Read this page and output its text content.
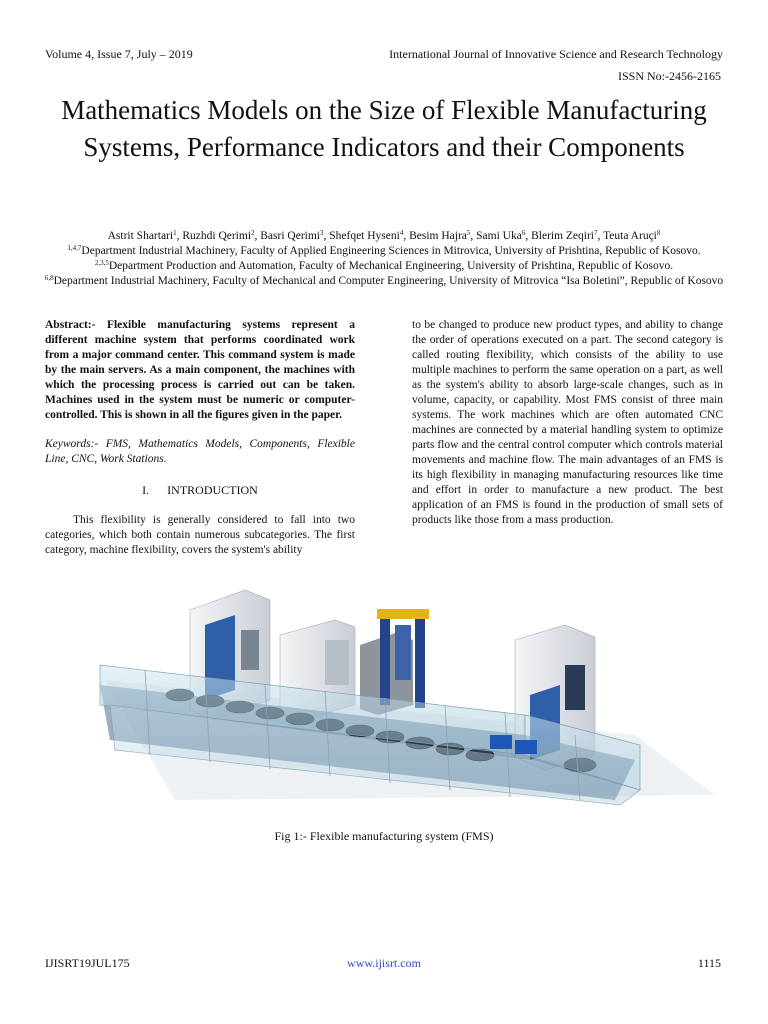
Volume 4, Issue 7, July – 2019	International Journal of Innovative Science and Research Technology
ISSN No:-2456-2165
Mathematics Models on the Size of Flexible Manufacturing Systems, Performance Indicators and their Components
Astrit Shartari$^1$, Ruzhdi Qerimi$^2$, Basri Qerimi$^3$, Shefqet Hyseni$^4$, Besim Hajra$^5$, Sami Uka$^6$, Blerim Zeqiri$^7$, Teuta Aruçi$^8$
$^{1,4,7}$Department Industrial Machinery, Faculty of Applied Engineering Sciences in Mitrovica, University of Prishtina, Republic of Kosovo.
$^{2,3,5}$Department Production and Automation, Faculty of Mechanical Engineering, University of Prishtina, Republic of Kosovo.
$^{6,8}$Department Industrial Machinery, Faculty of Mechanical and Computer Engineering, University of Mitrovica “Isa Boletini”, Republic of Kosovo

Abstract:- Flexible manufacturing systems represent a different machine system that performs coordinated work from a major command center. This command system is made by the main servers. As a main component, the machines with which the processing process is carried out can be taken. Machines used in the system must be numeric or computer-controlled. This is shown in all the figures given in the paper.

Keywords:- FMS, Mathematics Models, Components, Flexible Line, CNC, Work Stations.

I.      INTRODUCTION

This flexibility is generally considered to fall into two categories, which both contain numerous subcategories. The first category, machine flexibility, covers the system's ability

to be changed to produce new product types, and ability to change the order of operations executed on a part. The second category is called routing flexibility, which consists of the ability to use multiple machines to perform the same operation on a part, as well as the system's ability to absorb large-scale changes, such as in volume, capacity, or capability. Most FMS consist of three main systems. The work machines which are often automated CNC machines are connected by a material handling system to optimize parts flow and the central control computer which controls material movements and machine flow. The main advantages of an FMS is its high flexibility in managing manufacturing resources like time and effort in order to manufacture a new product. The best application of an FMS is found in the production of small sets of products like those from a mass production.

Fig 1:- Flexible manufacturing system (FMS)
IJISRT19JUL175	www.ijisrt.com	1115
